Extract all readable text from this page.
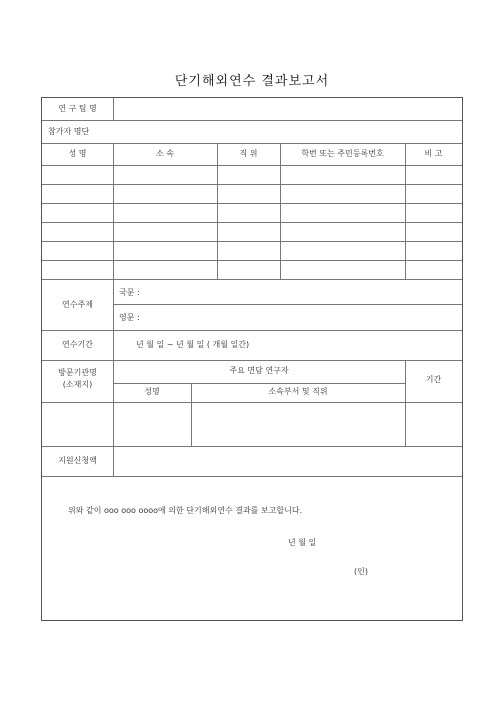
단기해외연수 결과보고서
연 구 팀 명
참가자 명단
성 명	소 속	직 위	학번 또는 주민등록번호	비 고
연수주제
국문 :
영문 :
연수기간	년 월 일 ~ 년 월 일 ( 개월 일간)
방문기관명
(소재지)
주요 면담 연구자
성명	소속부서 및 직위
기간
지원신청액
위와 같이 ooo ooo oooo에 의한 단기해외연수 결과를 보고합니다.
년 월 일
(인)
